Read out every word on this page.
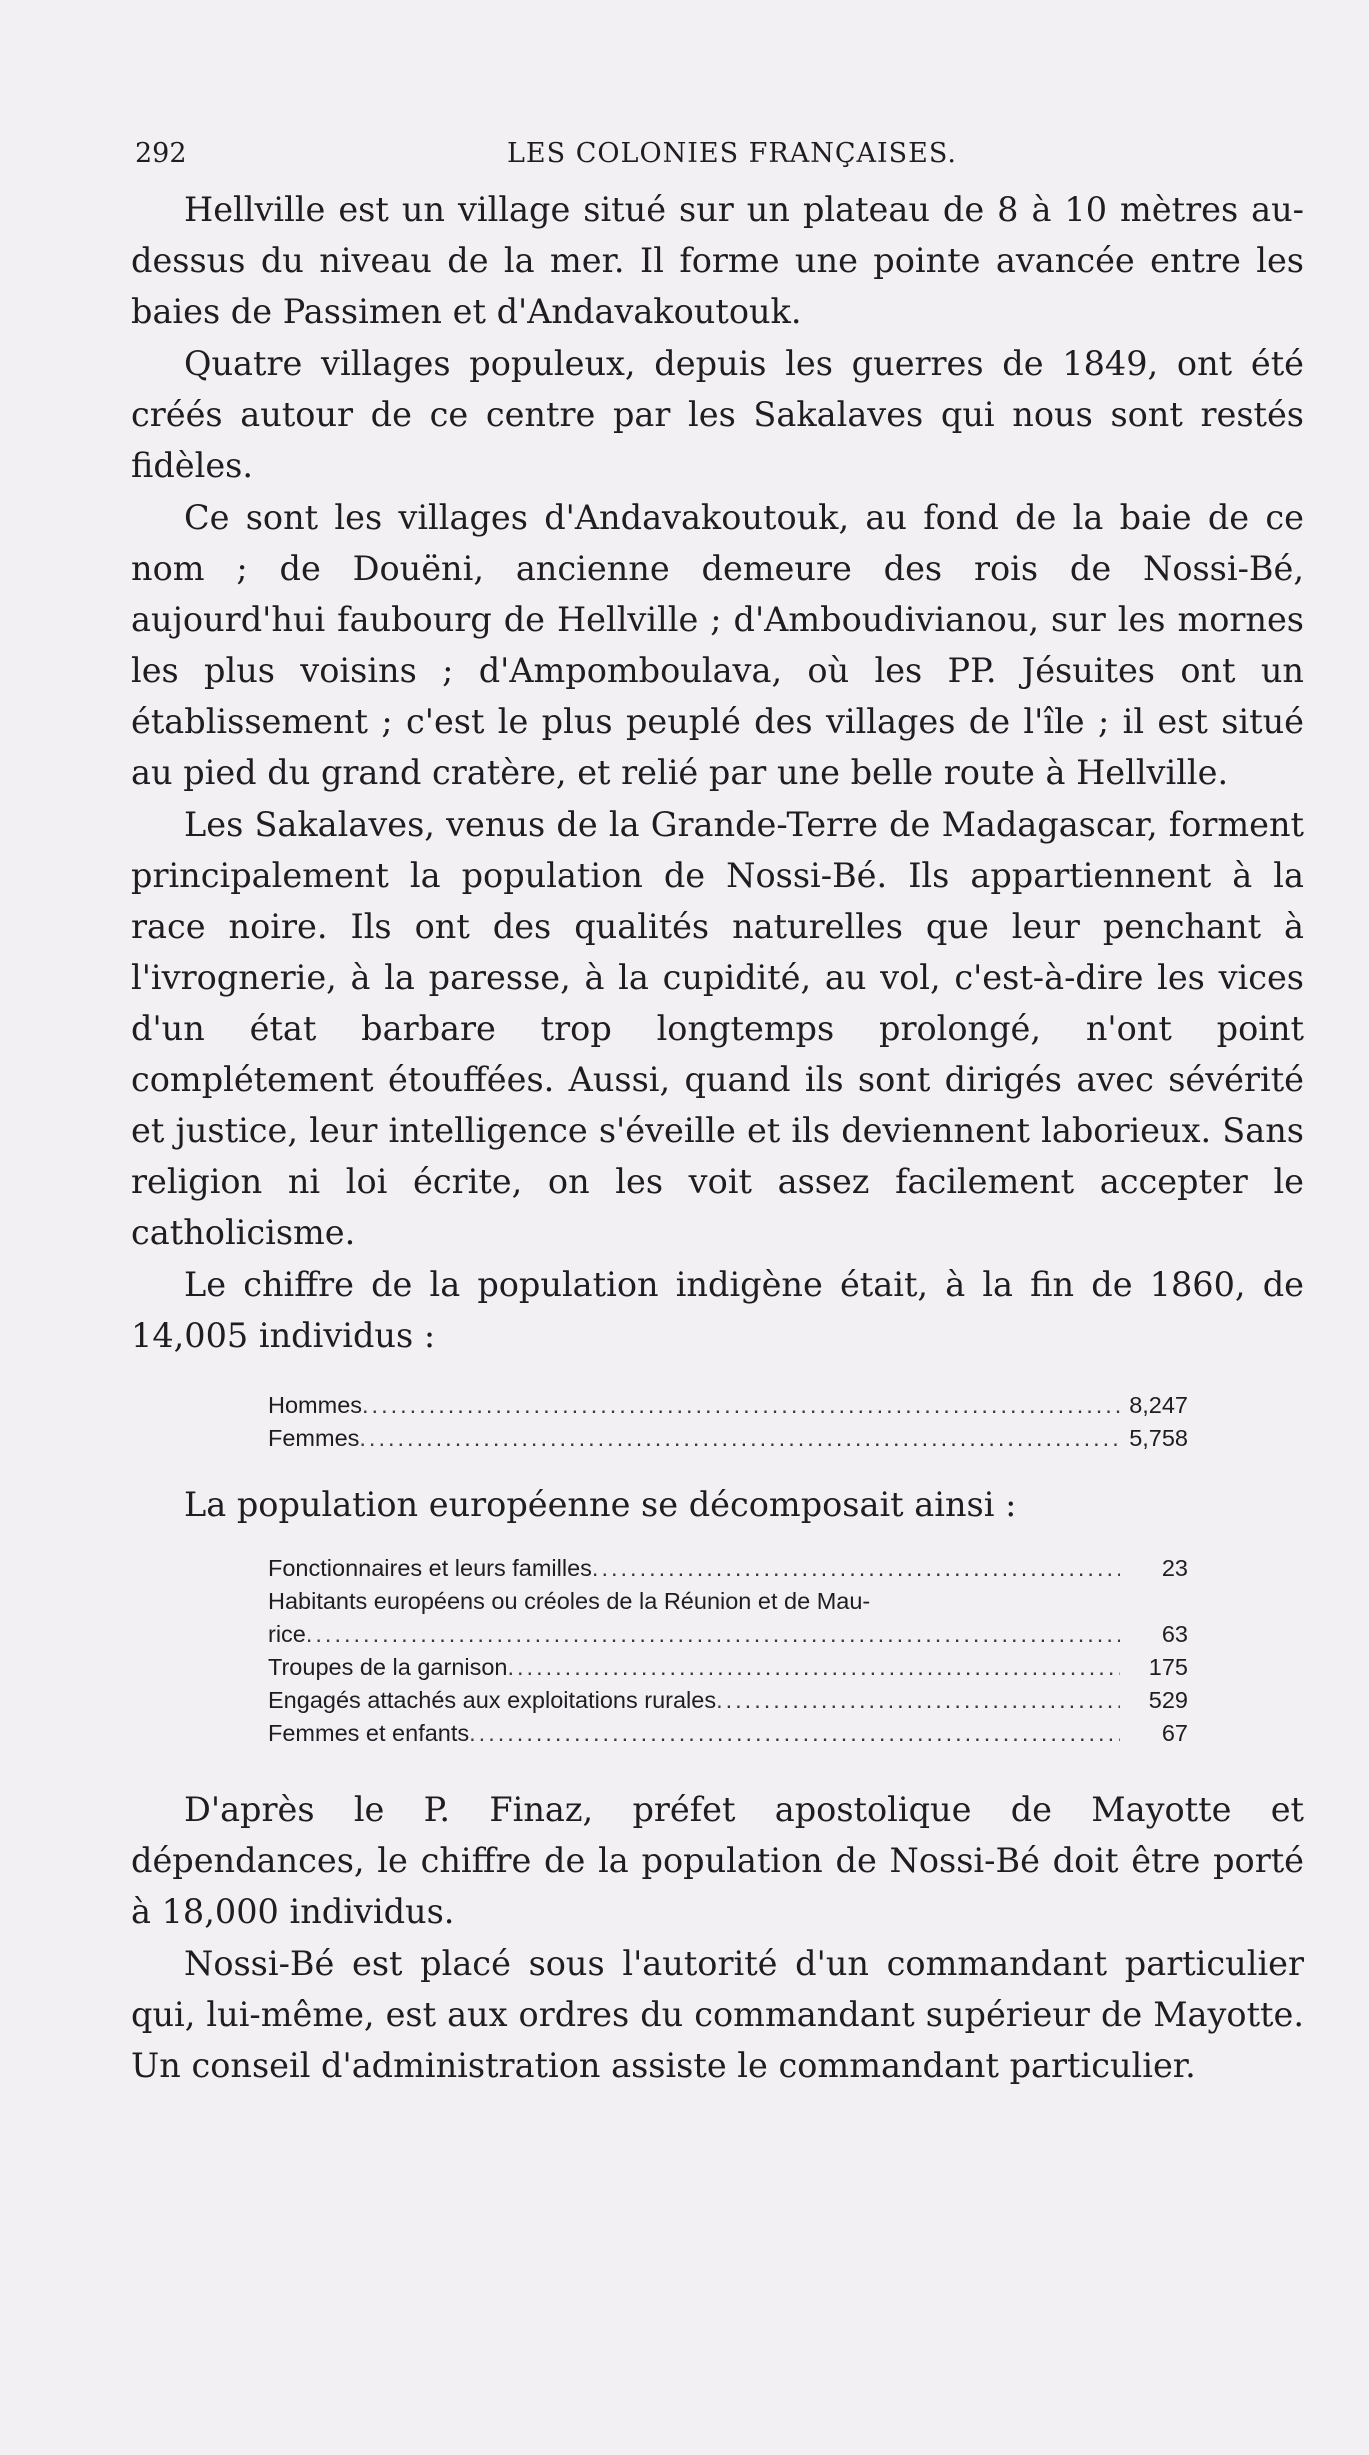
292	LES COLONIES FRANÇAISES.

Hellville est un village situé sur un plateau de 8 à 10 mètres au-dessus du niveau de la mer. Il forme une pointe avancée entre les baies de Passimen et d'Andavakoutouk.

Quatre villages populeux, depuis les guerres de 1849, ont été créés autour de ce centre par les Sakalaves qui nous sont restés fidèles.

Ce sont les villages d'Andavakoutouk, au fond de la baie de ce nom ; de Douëni, ancienne demeure des rois de Nossi-Bé, aujourd'hui faubourg de Hellville ; d'Amboudivianou, sur les mornes les plus voisins ; d'Ampomboulava, où les PP. Jésuites ont un établissement ; c'est le plus peuplé des villages de l'île ; il est situé au pied du grand cratère, et relié par une belle route à Hellville.

Les Sakalaves, venus de la Grande-Terre de Madagascar, forment principalement la population de Nossi-Bé. Ils appartiennent à la race noire. Ils ont des qualités naturelles que leur penchant à l'ivrognerie, à la paresse, à la cupidité, au vol, c'est-à-dire les vices d'un état barbare trop longtemps prolongé, n'ont point complétement étouffées. Aussi, quand ils sont dirigés avec sévérité et justice, leur intelligence s'éveille et ils deviennent laborieux. Sans religion ni loi écrite, on les voit assez facilement accepter le catholicisme.

Le chiffre de la population indigène était, à la fin de 1860, de 14,005 individus :

Hommes .....	8,247
Femmes .....	5,758

La population européenne se décomposait ainsi :

Fonctionnaires et leurs familles .....	23
Habitants européens ou créoles de la Réunion et de Mau-
rice .....	63
Troupes de la garnison .....	175
Engagés attachés aux exploitations rurales .....	529
Femmes et enfants .....	67

D'après le P. Finaz, préfet apostolique de Mayotte et dépendances, le chiffre de la population de Nossi-Bé doit être porté à 18,000 individus.

Nossi-Bé est placé sous l'autorité d'un commandant particulier qui, lui-même, est aux ordres du commandant supérieur de Mayotte. Un conseil d'administration assiste le commandant particulier.
